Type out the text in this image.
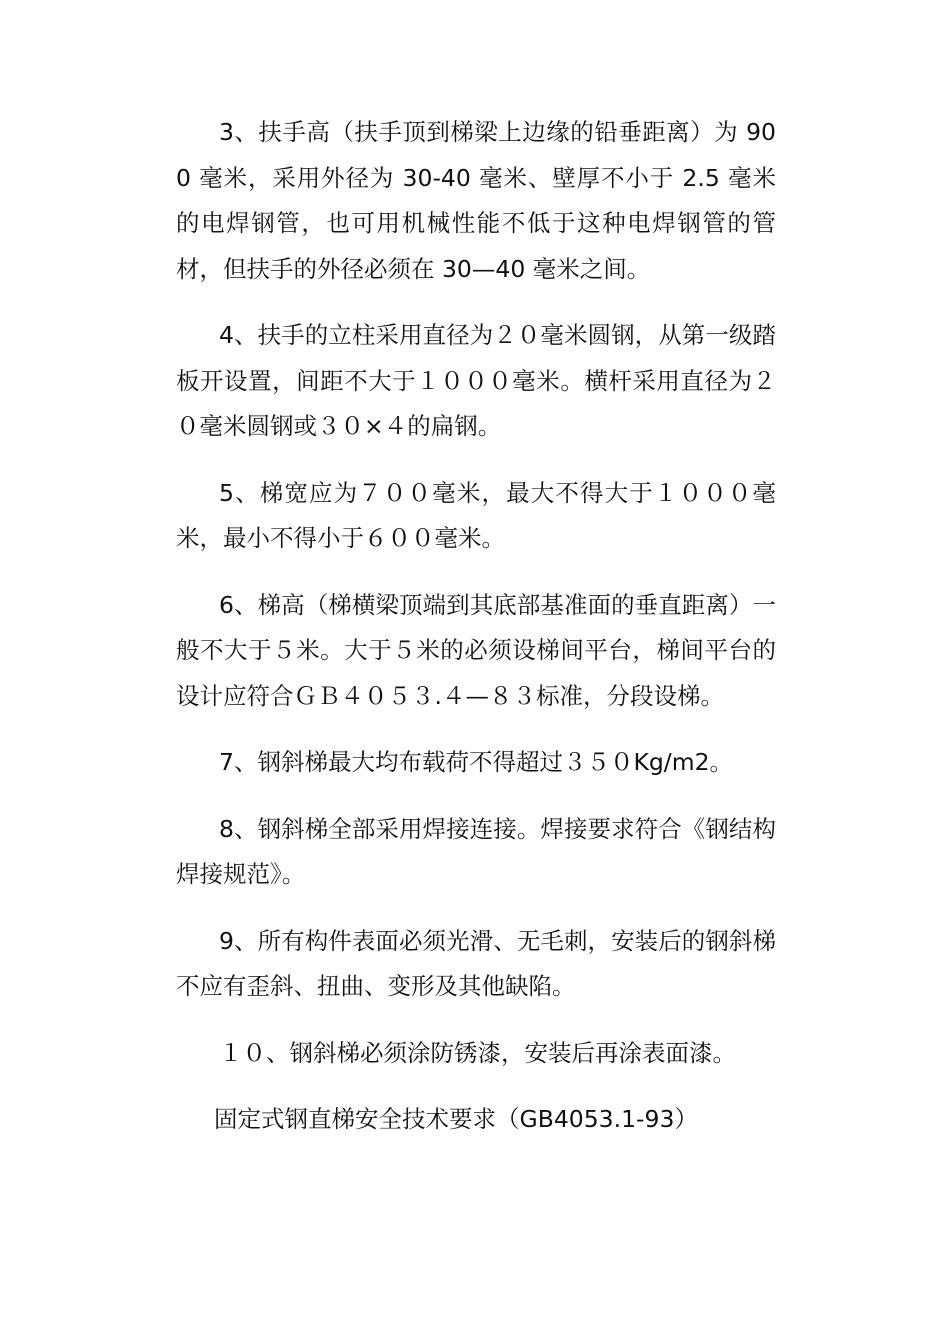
3、扶手高（扶手顶到梯梁上边缘的铅垂距离）为 900 毫米，采用外径为 30-40 毫米、壁厚不小于 2.5 毫米的电焊钢管，也可用机械性能不低于这种电焊钢管的管材，但扶手的外径必须在 30—40 毫米之间。

4、扶手的立柱采用直径为２０毫米圆钢，从第一级踏板开设置，间距不大于１０００毫米。横杆采用直径为２０毫米圆钢或３０×４的扁钢。

5、梯宽应为７００毫米，最大不得大于１０００毫米，最小不得小于６００毫米。

6、梯高（梯横梁顶端到其底部基准面的垂直距离）一般不大于５米。大于５米的必须设梯间平台，梯间平台的设计应符合ＧＢ４０５３.４—８３标准，分段设梯。

7、钢斜梯最大均布载荷不得超过３５０Kg/m2。

8、钢斜梯全部采用焊接连接。焊接要求符合《钢结构焊接规范》。

9、所有构件表面必须光滑、无毛刺，安装后的钢斜梯不应有歪斜、扭曲、变形及其他缺陷。

１０、钢斜梯必须涂防锈漆，安装后再涂表面漆。

固定式钢直梯安全技术要求（GB4053.1-93）
